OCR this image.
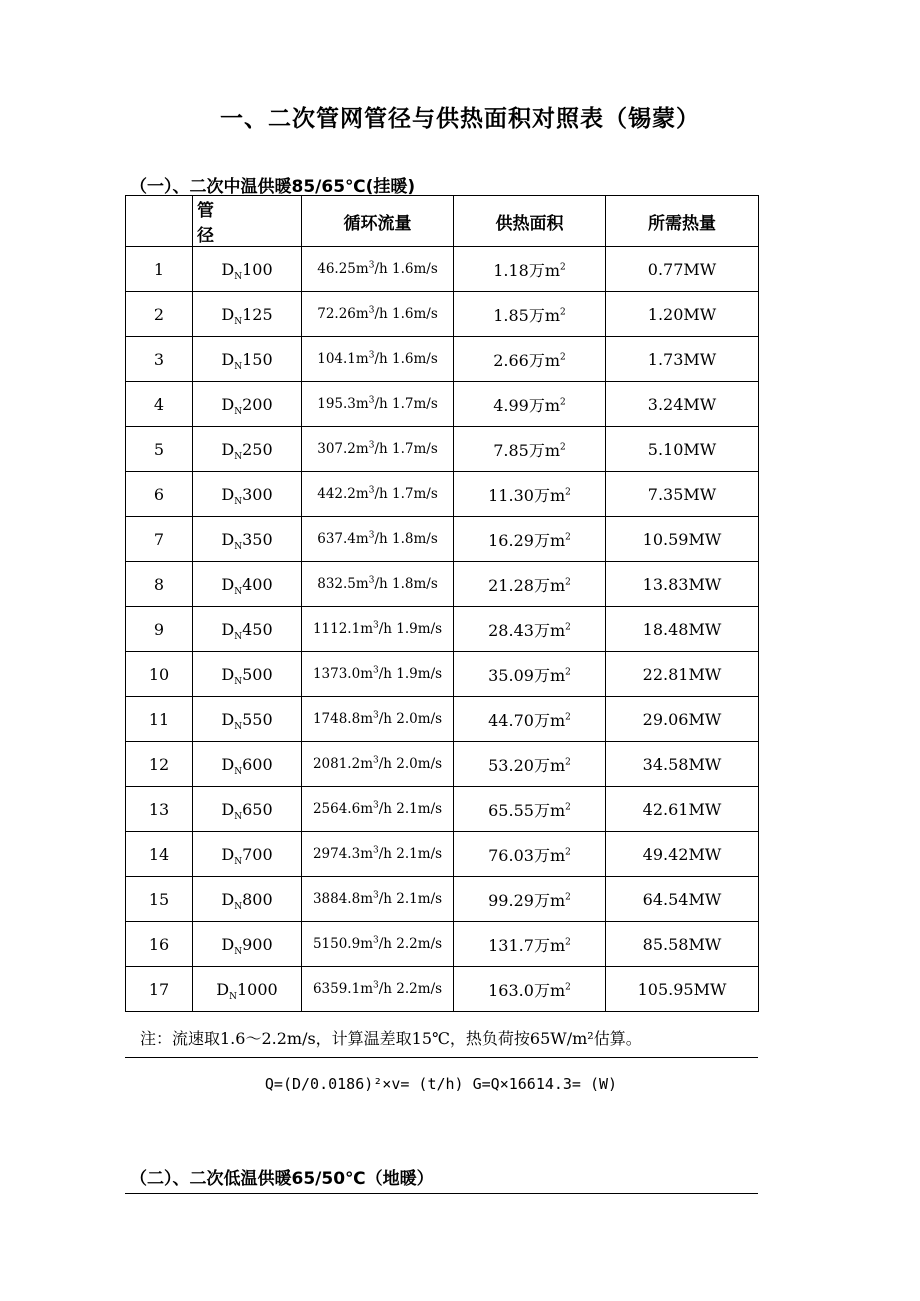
一、二次管网管径与供热面积对照表（锡蒙）
（一）、二次中温供暖85/65℃(挂暖)
	管　径	循环流量	供热面积	所需热量
1	$D_N100$	$46.25m^3/h$ 1.6m/s	1.18万$m^2$	0.77MW
2	$D_N125$	$72.26m^3/h$ 1.6m/s	1.85万$m^2$	1.20MW
3	$D_N150$	$104.1m^3/h$ 1.6m/s	2.66万$m^2$	1.73MW
4	$D_N200$	$195.3m^3/h$ 1.7m/s	4.99万$m^2$	3.24MW
5	$D_N250$	$307.2m^3/h$ 1.7m/s	7.85万$m^2$	5.10MW
6	$D_N300$	$442.2m^3/h$ 1.7m/s	11.30万$m^2$	7.35MW
7	$D_N350$	$637.4m^3/h$ 1.8m/s	16.29万$m^2$	10.59MW
8	$D_N400$	$832.5m^3/h$ 1.8m/s	21.28万$m^2$	13.83MW
9	$D_N450$	$1112.1m^3/h$ 1.9m/s	28.43万$m^2$	18.48MW
10	$D_N500$	$1373.0m^3/h$ 1.9m/s	35.09万$m^2$	22.81MW
11	$D_N550$	$1748.8m^3/h$ 2.0m/s	44.70万$m^2$	29.06MW
12	$D_N600$	$2081.2m^3/h$ 2.0m/s	53.20万$m^2$	34.58MW
13	$D_N650$	$2564.6m^3/h$ 2.1m/s	65.55万$m^2$	42.61MW
14	$D_N700$	$2974.3m^3/h$ 2.1m/s	76.03万$m^2$	49.42MW
15	$D_N800$	$3884.8m^3/h$ 2.1m/s	99.29万$m^2$	64.54MW
16	$D_N900$	$5150.9m^3/h$ 2.2m/s	131.7万$m^2$	85.58MW
17	$D_N1000$	$6359.1m^3/h$ 2.2m/s	163.0万$m^2$	105.95MW
注：流速取1.6～2.2m/s，计算温差取15℃，热负荷按65W/m²估算。
Q=(D/0.0186)²×v= (t/h) G=Q×16614.3= (W)
（二）、二次低温供暖65/50℃（地暖）
